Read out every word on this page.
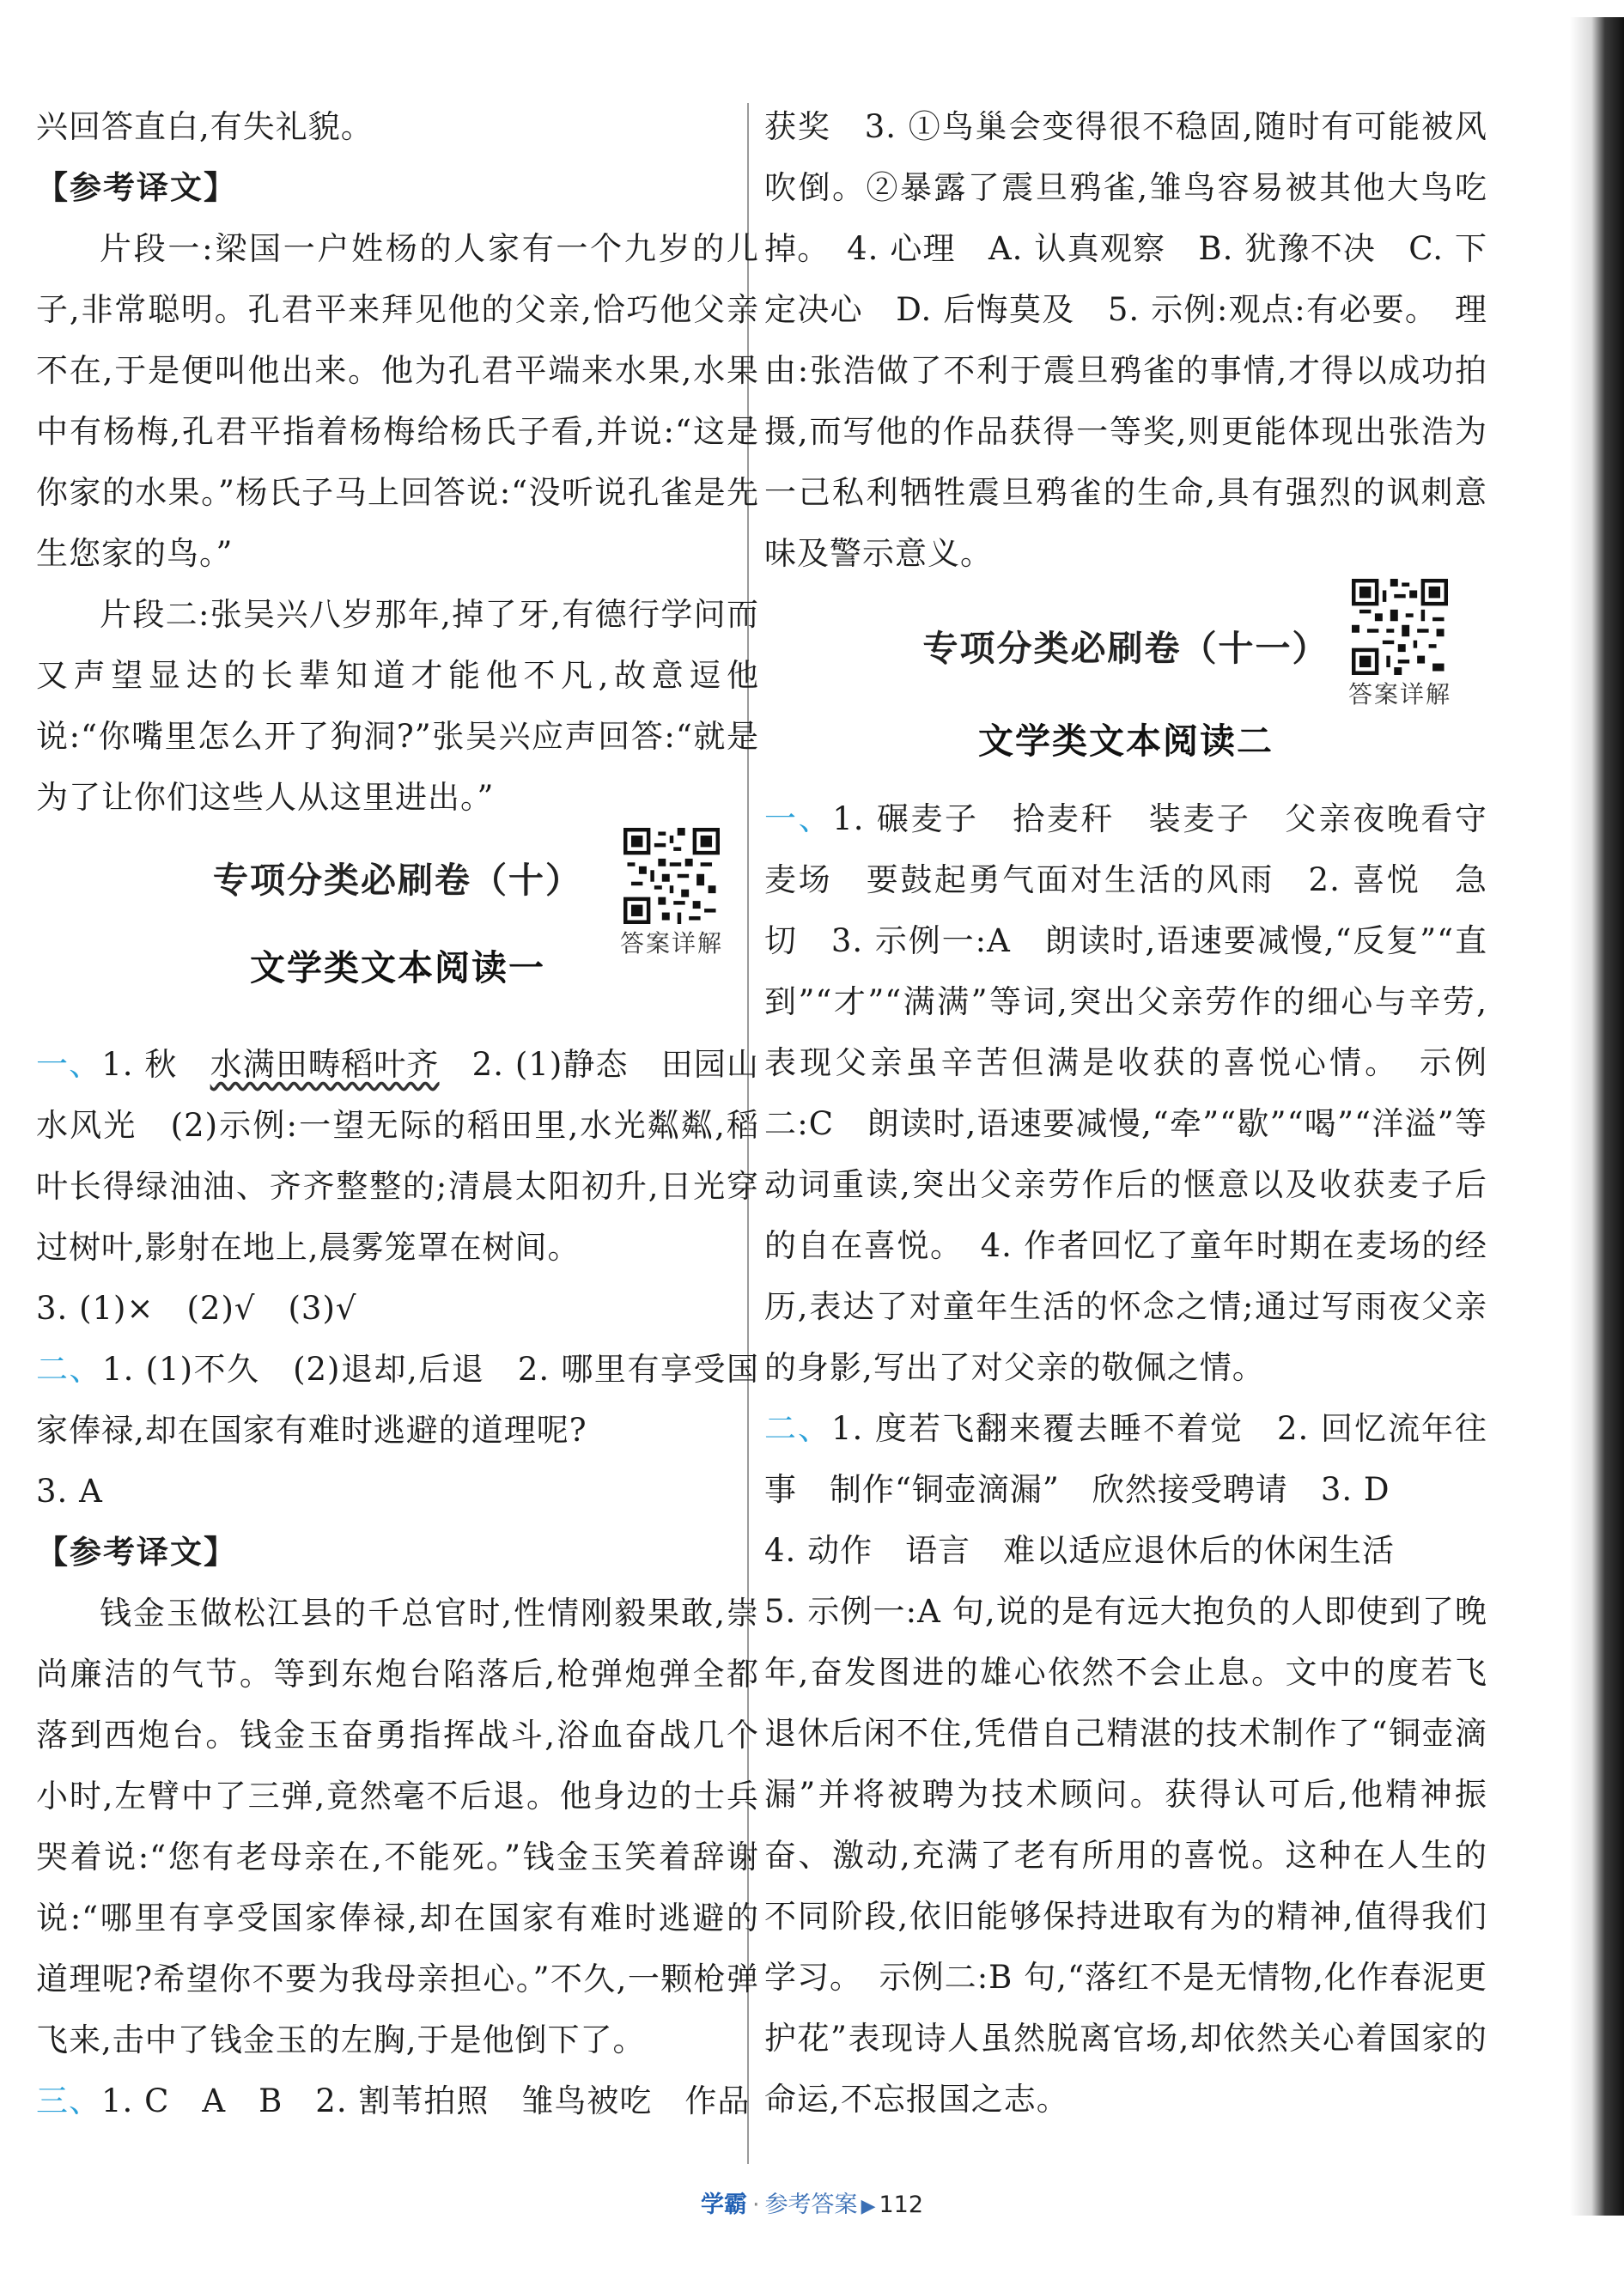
兴回答直白,有失礼貌。

【参考译文】

片段一:梁国一户姓杨的人家有一个九岁的儿子,非常聪明。孔君平来拜见他的父亲,恰巧他父亲不在,于是便叫他出来。他为孔君平端来水果,水果中有杨梅,孔君平指着杨梅给杨氏子看,并说:“这是你家的水果。”杨氏子马上回答说:“没听说孔雀是先生您家的鸟。”

片段二:张吴兴八岁那年,掉了牙,有德行学问而又声望显达的长辈知道才能他不凡,故意逗他说:“你嘴里怎么开了狗洞?”张吴兴应声回答:“就是为了让你们这些人从这里进出。”

专项分类必刷卷（十）
答案详解
文学类文本阅读一

一、1. 秋　水满田畴稻叶齐　2. (1)静态　田园山水风光　(2)示例:一望无际的稻田里,水光粼粼,稻叶长得绿油油、齐齐整整的;清晨太阳初升,日光穿过树叶,影射在地上,晨雾笼罩在树间。

3. (1)×　(2)√　(3)√

二、1. (1)不久　(2)退却,后退　2. 哪里有享受国家俸禄,却在国家有难时逃避的道理呢?

3. A

【参考译文】

钱金玉做松江县的千总官时,性情刚毅果敢,崇尚廉洁的气节。等到东炮台陷落后,枪弹炮弹全都落到西炮台。钱金玉奋勇指挥战斗,浴血奋战几个小时,左臂中了三弹,竟然毫不后退。他身边的士兵哭着说:“您有老母亲在,不能死。”钱金玉笑着辞谢说:“哪里有享受国家俸禄,却在国家有难时逃避的道理呢?希望你不要为我母亲担心。”不久,一颗枪弹飞来,击中了钱金玉的左胸,于是他倒下了。

三、1. C　A　B　2. 割苇拍照　雏鸟被吃　作品

获奖　3. ①鸟巢会变得很不稳固,随时有可能被风吹倒。②暴露了震旦鸦雀,雏鸟容易被其他大鸟吃掉。　4. 心理　A. 认真观察　B. 犹豫不决　C. 下定决心　D. 后悔莫及　5. 示例:观点:有必要。　理由:张浩做了不利于震旦鸦雀的事情,才得以成功拍摄,而写他的作品获得一等奖,则更能体现出张浩为一己私利牺牲震旦鸦雀的生命,具有强烈的讽刺意味及警示意义。

专项分类必刷卷（十一）
答案详解
文学类文本阅读二

一、1. 碾麦子　拾麦秆　装麦子　父亲夜晚看守麦场　要鼓起勇气面对生活的风雨　2. 喜悦　急切　3. 示例一:A　朗读时,语速要减慢,“反复”“直到”“才”“满满”等词,突出父亲劳作的细心与辛劳,表现父亲虽辛苦但满是收获的喜悦心情。　示例二:C　朗读时,语速要减慢,“牵”“歇”“喝”“洋溢”等动词重读,突出父亲劳作后的惬意以及收获麦子后的自在喜悦。　4. 作者回忆了童年时期在麦场的经历,表达了对童年生活的怀念之情;通过写雨夜父亲的身影,写出了对父亲的敬佩之情。

二、1. 度若飞翻来覆去睡不着觉　2. 回忆流年往事　制作“铜壶滴漏”　欣然接受聘请　3. D

4. 动作　语言　难以适应退休后的休闲生活

5. 示例一:A 句,说的是有远大抱负的人即使到了晚年,奋发图进的雄心依然不会止息。文中的度若飞退休后闲不住,凭借自己精湛的技术制作了“铜壶滴漏”并将被聘为技术顾问。获得认可后,他精神振奋、激动,充满了老有所用的喜悦。这种在人生的不同阶段,依旧能够保持进取有为的精神,值得我们学习。　示例二:B 句,“落红不是无情物,化作春泥更护花”表现诗人虽然脱离官场,却依然关心着国家的命运,不忘报国之志。

学霸 · 参考答案 ▶ 112
